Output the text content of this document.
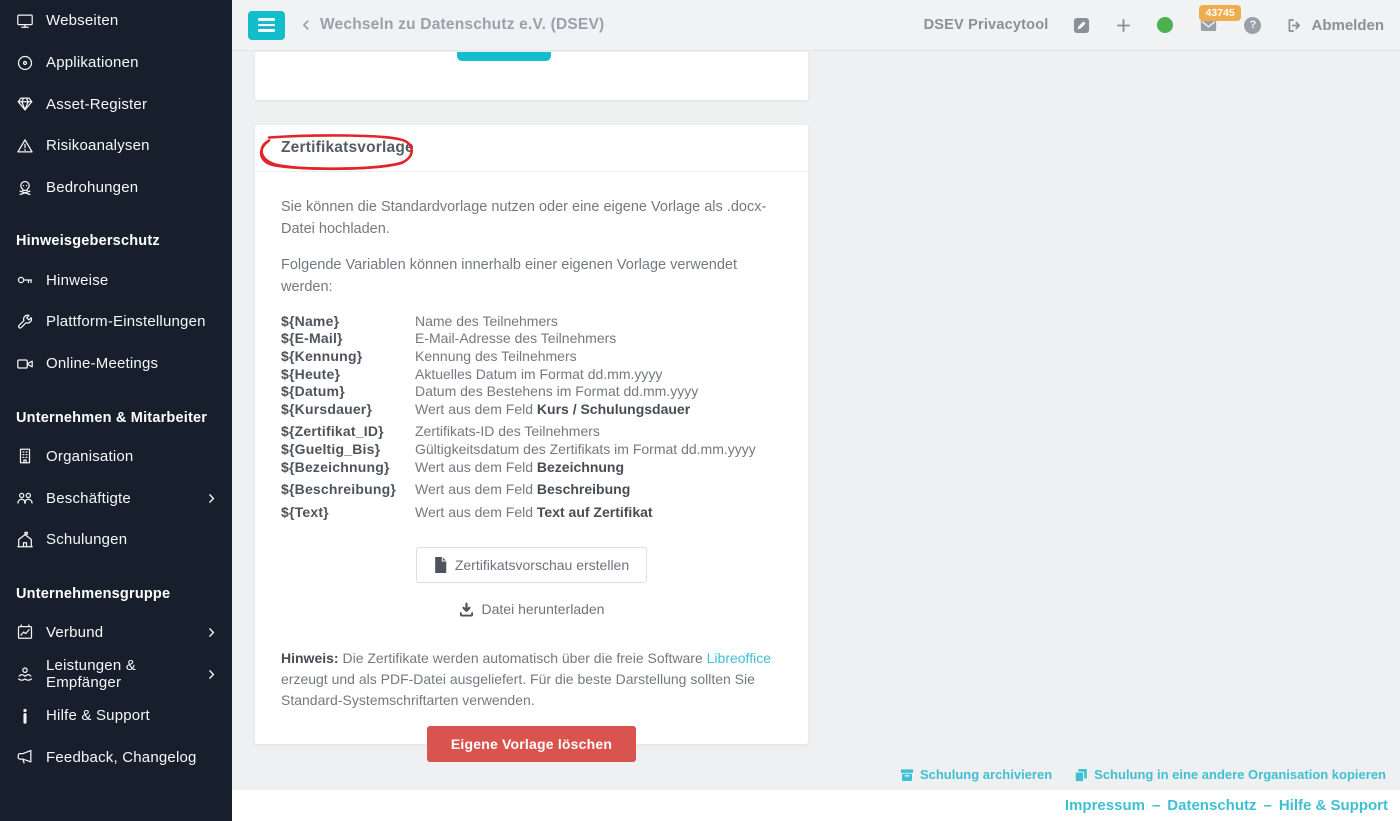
Webseiten
Applikationen
Asset-Register
Risikoanalysen
Bedrohungen
Hinweisgeberschutz
Hinweise
Plattform-Einstellungen
Online-Meetings
Unternehmen & Mitarbeiter
Organisation
Beschäftigte
Schulungen
Unternehmensgruppe
Verbund
Leistungen & Empfänger
Hilfe & Support
Feedback, Changelog
Wechseln zu Datenschutz e.V. (DSEV)	DSEV Privacytool
43745
?	Abmelden
Zertifikatsvorlage

Sie können die Standardvorlage nutzen oder eine eigene Vorlage als .docx-Datei hochladen.

Folgende Variablen können innerhalb einer eigenen Vorlage verwendet werden:

${Name}	Name des Teilnehmers
${E-Mail}	E-Mail-Adresse des Teilnehmers
${Kennung}	Kennung des Teilnehmers
${Heute}	Aktuelles Datum im Format dd.mm.yyyy
${Datum}	Datum des Bestehens im Format dd.mm.yyyy
${Kursdauer}	Wert aus dem Feld Kurs / Schulungsdauer
${Zertifikat_ID}	Zertifikats-ID des Teilnehmers
${Gueltig_Bis}	Gültigkeitsdatum des Zertifikats im Format dd.mm.yyyy
${Bezeichnung}	Wert aus dem Feld Bezeichnung
${Beschreibung}	Wert aus dem Feld Beschreibung
${Text}	Wert aus dem Feld Text auf Zertifikat
Zertifikatsvorschau erstellen
Datei herunterladen

Hinweis: Die Zertifikate werden automatisch über die freie Software Libreoffice erzeugt und als PDF-Datei ausgeliefert. Für die beste Darstellung sollten Sie Standard-Systemschriftarten verwenden.

Eigene Vorlage löschen
Schulung archivieren	Schulung in eine andere Organisation kopieren
Impressum – Datenschutz – Hilfe & Support
